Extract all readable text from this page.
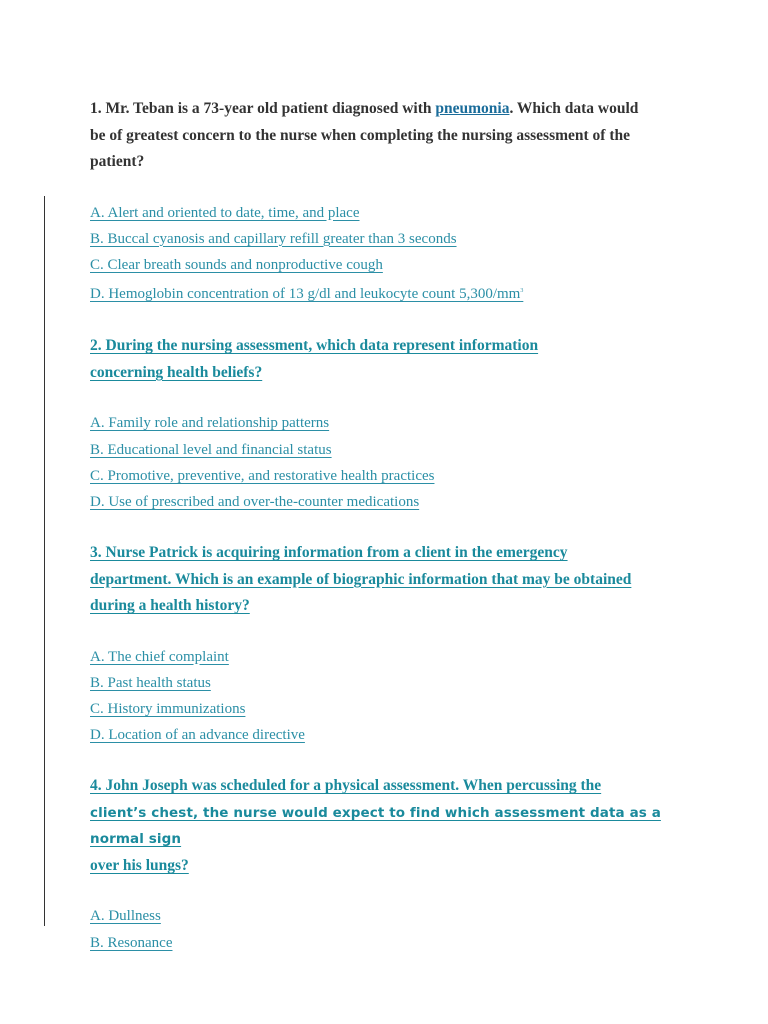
1. Mr. Teban is a 73-year old patient diagnosed with pneumonia. Which data would
be of greatest concern to the nurse when completing the nursing assessment of the
patient?

A. Alert and oriented to date, time, and place
B. Buccal cyanosis and capillary refill greater than 3 seconds
C. Clear breath sounds and nonproductive cough
D. Hemoglobin concentration of 13 g/dl and leukocyte count $5,300/mm^3$

2. During the nursing assessment, which data represent information
concerning health beliefs?

A. Family role and relationship patterns
B. Educational level and financial status
C. Promotive, preventive, and restorative health practices
D. Use of prescribed and over-the-counter medications

3. Nurse Patrick is acquiring information from a client in the emergency
department. Which is an example of biographic information that may be obtained
during a health history?

A. The chief complaint
B. Past health status
C. History immunizations
D. Location of an advance directive

4. John Joseph was scheduled for a physical assessment. When percussing the
client’s chest, the nurse would expect to find which assessment data as a normal sign
over his lungs?

A. Dullness
B. Resonance
